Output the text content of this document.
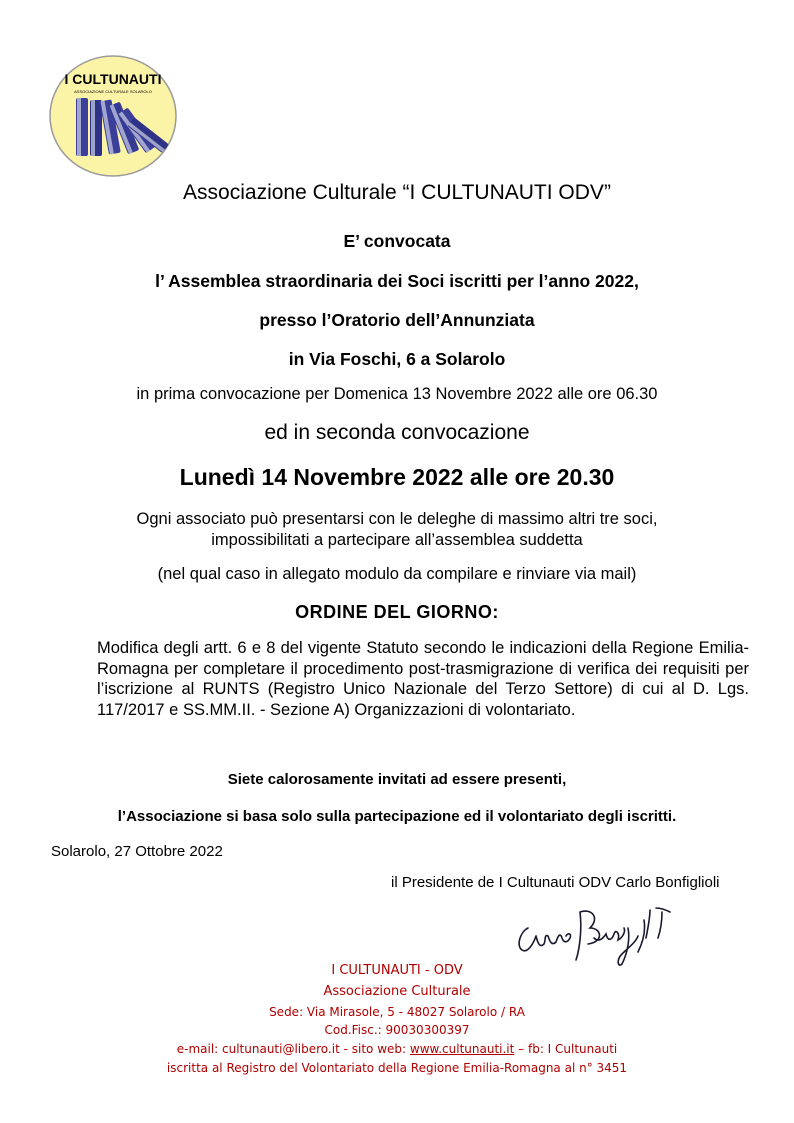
I CULTUNAUTI
ASSOCIAZIONE CULTURALE SOLAROLO
Associazione Culturale “I CULTUNAUTI ODV”
E’ convocata
l’ Assemblea straordinaria dei Soci iscritti per l’anno 2022,
presso l’Oratorio dell’Annunziata
in Via Foschi, 6 a Solarolo
in prima convocazione per Domenica 13 Novembre 2022 alle ore 06.30
ed in seconda convocazione
Lunedì 14 Novembre 2022 alle ore 20.30
Ogni associato può presentarsi con le deleghe di massimo altri tre soci,
impossibilitati a partecipare all’assemblea suddetta
(nel qual caso in allegato modulo da compilare e rinviare via mail)
ORDINE DEL GIORNO:
Modifica degli artt. 6 e 8 del vigente Statuto secondo le indicazioni della Regione Emilia-Romagna per completare il procedimento post-trasmigrazione di verifica dei requisiti per l’iscrizione al RUNTS (Registro Unico Nazionale del Terzo Settore) di cui al D. Lgs. 117/2017 e SS.MM.II. - Sezione A) Organizzazioni di volontariato.
Siete calorosamente invitati ad essere presenti,
l’Associazione si basa solo sulla partecipazione ed il volontariato degli iscritti.
Solarolo, 27 Ottobre 2022
il Presidente de I Cultunauti ODV Carlo Bonfiglioli
I CULTUNAUTI - ODV
Associazione Culturale
Sede: Via Mirasole, 5 - 48027 Solarolo / RA
Cod.Fisc.: 90030300397
e-mail: cultunauti@libero.it - sito web: www.cultunauti.it – fb: I Cultunauti
iscritta al Registro del Volontariato della Regione Emilia-Romagna al n° 3451
